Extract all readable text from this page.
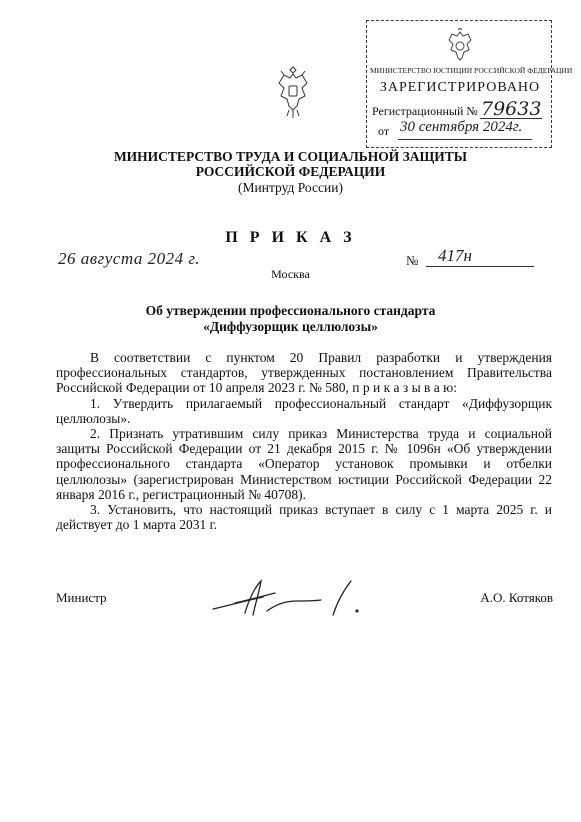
МИНИСТЕРСТВО ЮСТИЦИИ РОССИЙСКОЙ ФЕДЕРАЦИИ
ЗАРЕГИСТРИРОВАНО
Регистрационный № 79633
от 30 сентября 2024г.
МИНИСТЕРСТВО ТРУДА И СОЦИАЛЬНОЙ ЗАЩИТЫ
РОССИЙСКОЙ ФЕДЕРАЦИИ
(Минтруд России)
П Р И К А З
26 августа 2024 г.	№ 417н
Москва
Об утверждении профессионального стандарта
«Диффузорщик целлюлозы»

В соответствии с пунктом 20 Правил разработки и утверждения профессиональных стандартов, утвержденных постановлением Правительства Российской Федерации от 10 апреля 2023 г. № 580, п р и к а з ы в а ю:

1. Утвердить прилагаемый профессиональный стандарт «Диффузорщик целлюлозы».

2. Признать утратившим силу приказ Министерства труда и социальной защиты Российской Федерации от 21 декабря 2015 г. № 1096н «Об утверждении профессионального стандарта «Оператор установок промывки и отбелки целлюлозы» (зарегистрирован Министерством юстиции Российской Федерации 22 января 2016 г., регистрационный № 40708).

3. Установить, что настоящий приказ вступает в силу с 1 марта 2025 г. и действует до 1 марта 2031 г.

Министр	А.О. Котяков
